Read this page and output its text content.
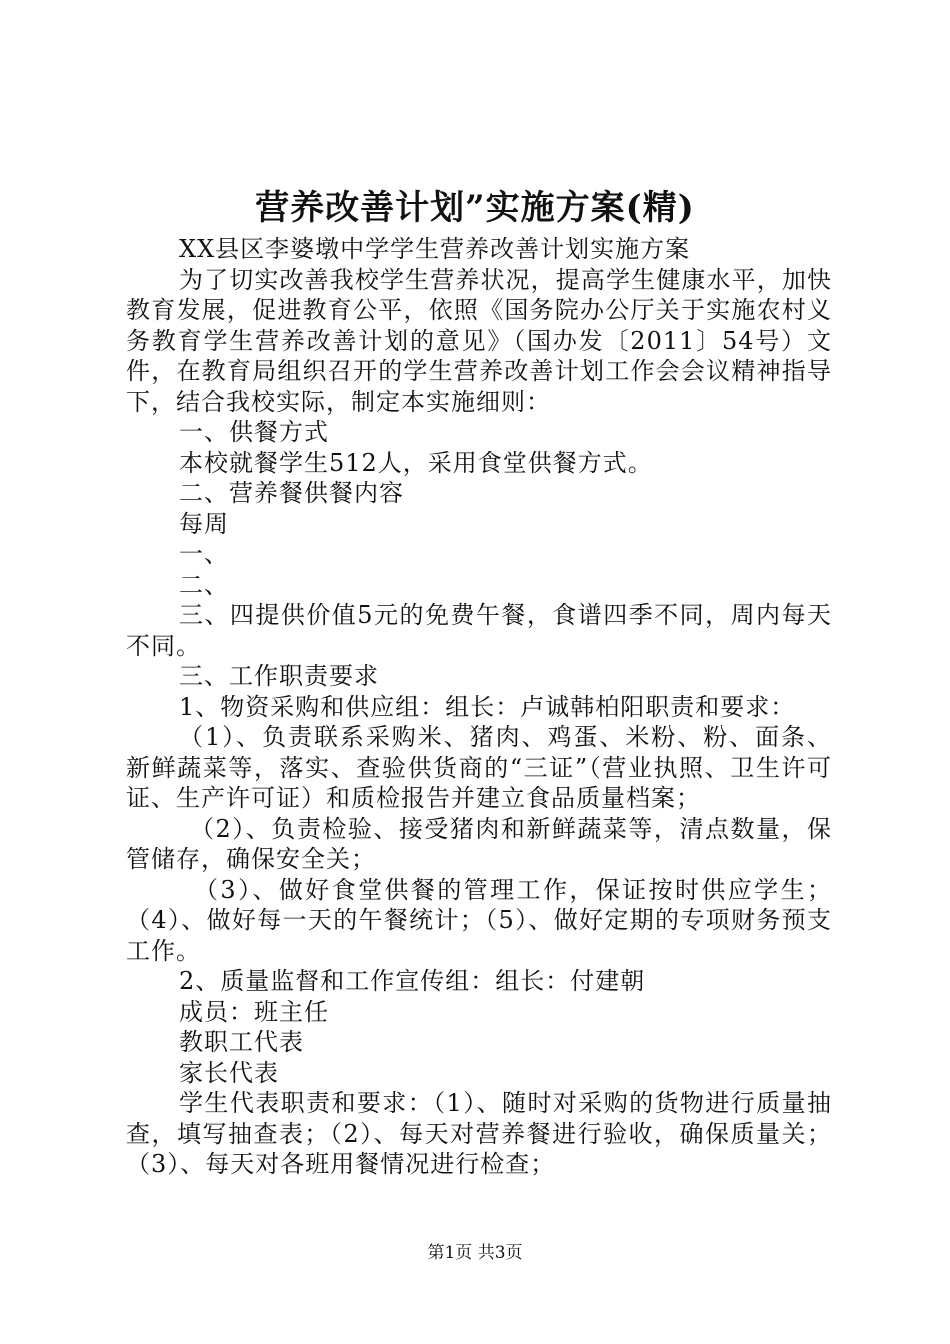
营养改善计划”实施方案(精)

XX县区李婆墩中学学生营养改善计划实施方案

为了切实改善我校学生营养状况，提高学生健康水平，加快教育发展，促进教育公平，依照《国务院办公厅关于实施农村义务教育学生营养改善计划的意见》（国办发〔2011〕54号）文件，在教育局组织召开的学生营养改善计划工作会会议精神指导下，结合我校实际，制定本实施细则：

一、供餐方式

本校就餐学生512人，采用食堂供餐方式。

二、营养餐供餐内容

每周

一、

二、

三、四提供价值5元的免费午餐，食谱四季不同，周内每天不同。

三、工作职责要求

1、物资采购和供应组：组长：卢诚韩柏阳职责和要求：

（1）、负责联系采购米、猪肉、鸡蛋、米粉、粉、面条、新鲜蔬菜等，落实、查验供货商的“三证”（营业执照、卫生许可证、生产许可证）和质检报告并建立食品质量档案；

（2）、负责检验、接受猪肉和新鲜蔬菜等，清点数量，保管储存，确保安全关；

（3）、做好食堂供餐的管理工作，保证按时供应学生；（4）、做好每一天的午餐统计；（5）、做好定期的专项财务预支工作。

2、质量监督和工作宣传组：组长：付建朝

成员：班主任

教职工代表

家长代表

学生代表职责和要求：（1）、随时对采购的货物进行质量抽查，填写抽查表；（2）、每天对营养餐进行验收，确保质量关；（3）、每天对各班用餐情况进行检查；

第1页 共3页
